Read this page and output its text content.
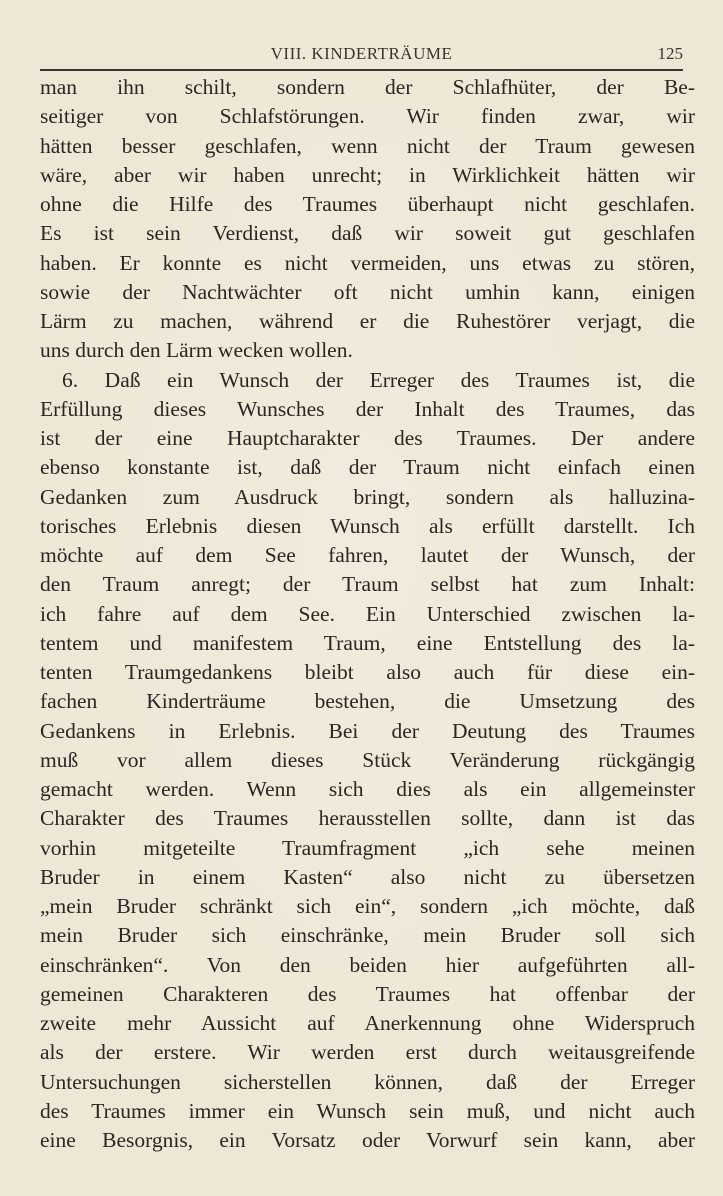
VIII. KINDERTRÄUME	125
man ihn schilt, sondern der Schlafhüter, der Be-
seitiger von Schlafstörungen. Wir finden zwar, wir
hätten besser geschlafen, wenn nicht der Traum gewesen
wäre, aber wir haben unrecht; in Wirklichkeit hätten wir
ohne die Hilfe des Traumes überhaupt nicht geschlafen.
Es ist sein Verdienst, daß wir soweit gut geschlafen
haben. Er konnte es nicht vermeiden, uns etwas zu stören,
sowie der Nachtwächter oft nicht umhin kann, einigen
Lärm zu machen, während er die Ruhestörer verjagt, die
uns durch den Lärm wecken wollen.
6. Daß ein Wunsch der Erreger des Traumes ist, die
Erfüllung dieses Wunsches der Inhalt des Traumes, das
ist der eine Hauptcharakter des Traumes. Der andere
ebenso konstante ist, daß der Traum nicht einfach einen
Gedanken zum Ausdruck bringt, sondern als halluzina-
torisches Erlebnis diesen Wunsch als erfüllt darstellt. Ich
möchte auf dem See fahren, lautet der Wunsch, der
den Traum anregt; der Traum selbst hat zum Inhalt:
ich fahre auf dem See. Ein Unterschied zwischen la-
tentem und manifestem Traum, eine Entstellung des la-
tenten Traumgedankens bleibt also auch für diese ein-
fachen Kinderträume bestehen, die Umsetzung des
Gedankens in Erlebnis. Bei der Deutung des Traumes
muß vor allem dieses Stück Veränderung rückgängig
gemacht werden. Wenn sich dies als ein allgemeinster
Charakter des Traumes herausstellen sollte, dann ist das
vorhin mitgeteilte Traumfragment „ich sehe meinen
Bruder in einem Kasten“ also nicht zu übersetzen
„mein Bruder schränkt sich ein“, sondern „ich möchte, daß
mein Bruder sich einschränke, mein Bruder soll sich
einschränken“. Von den beiden hier aufgeführten all-
gemeinen Charakteren des Traumes hat offenbar der
zweite mehr Aussicht auf Anerkennung ohne Widerspruch
als der erstere. Wir werden erst durch weitausgreifende
Untersuchungen sicherstellen können, daß der Erreger
des Traumes immer ein Wunsch sein muß, und nicht auch
eine Besorgnis, ein Vorsatz oder Vorwurf sein kann, aber
